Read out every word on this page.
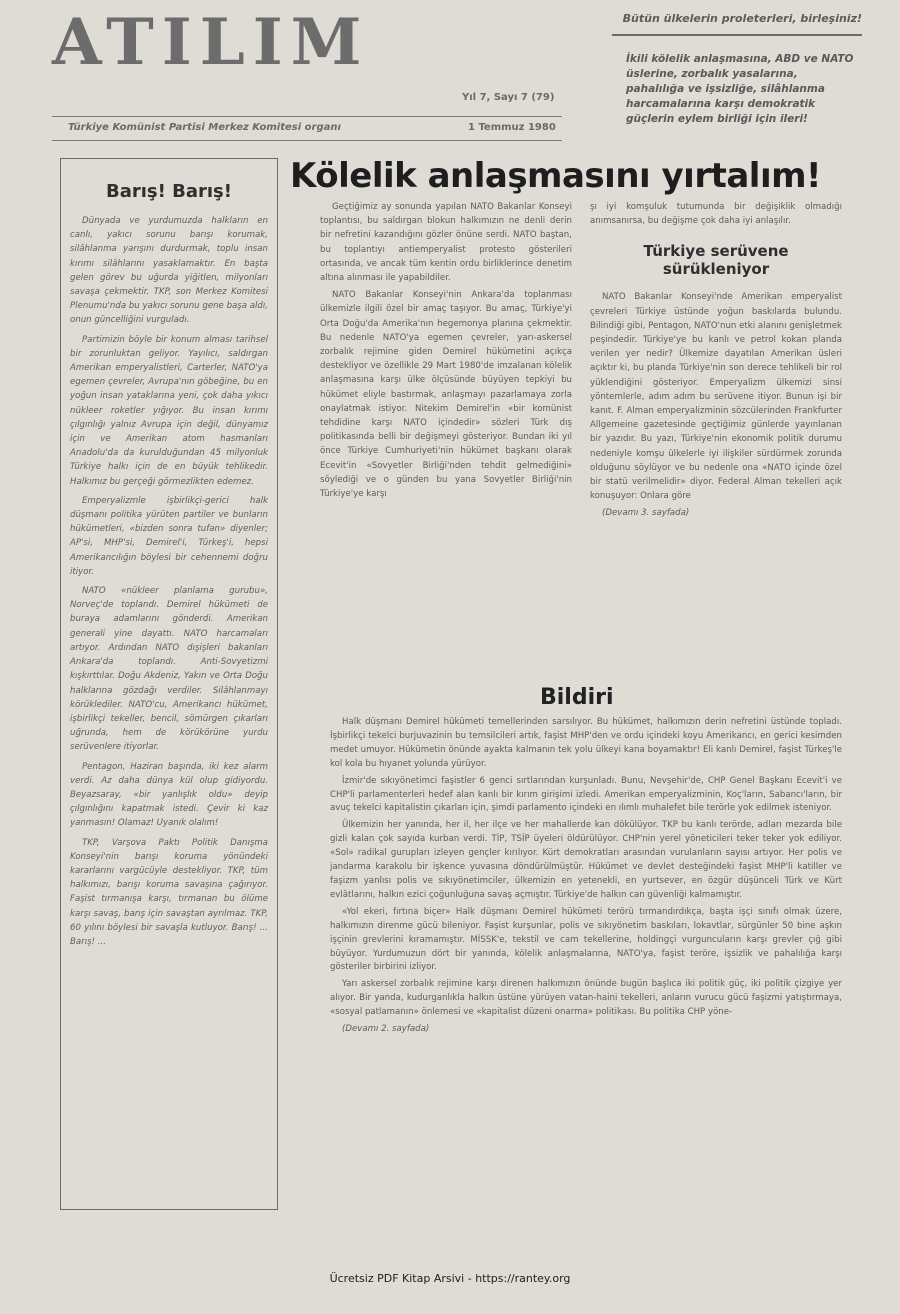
ATILIM	Bütün ülkelerin proleterleri, birleşiniz!
İkili kölelik anlaşmasına, ABD ve NATO üslerine, zorbalık yasalarına, pahalılığa ve işsizliğe, silâhlanma harcamalarına karşı demokratik güçlerin eylem birliği için ileri!
Yıl 7, Sayı 7 (79)
Türkiye Komünist Partisi Merkez Komitesi organı	1 Temmuz 1980
Barış! Barış!

Dünyada ve yurdumuzda halkların en canlı, yakıcı sorunu barışı korumak, silâhlanma yarışını durdurmak, toplu insan kırımı silâhlarını yasaklamaktır. En başta gelen görev bu uğurda yiğitlen, milyonları savaşa çekmektir. TKP, son Merkez Komitesi Plenumu'nda bu yakıcı sorunu gene başa aldı, onun güncelliğini vurguladı.

Partimizin böyle bir konum alması tarihsel bir zorunluktan geliyor. Yayılıcı, saldırgan Amerikan emperyalistleri, Carterler, NATO'ya egemen çevreler, Avrupa'nın göbeğine, bu en yoğun insan yataklarına yeni, çok daha yıkıcı nükleer roketler yığıyor. Bu insan kırımı çılgınlığı yalnız Avrupa için değil, dünyamız için ve Amerikan atom hasmanları Anadolu'da da kurulduğundan 45 milyonluk Türkiye halkı için de en büyük tehlikedir. Halkımız bu gerçeği görmezlikten edemez.

Emperyalizmle işbirlikçi-gerici halk düşmanı politika yürüten partiler ve bunların hükümetleri, «bizden sonra tufan» diyenler; AP'si, MHP'si, Demirel'i, Türkeş'i, hepsi Amerikancılığın böylesi bir cehennemi doğru itiyor.

NATO «nükleer planlama gurubu», Norveç'de toplandı. Demirel hükümeti de buraya adamlarını gönderdi. Amerikan generali yine dayattı. NATO harcamaları artıyor. Ardından NATO dışişleri bakanları Ankara'da toplandı. Anti-Sovyetizmi kışkırttılar. Doğu Akdeniz, Yakın ve Orta Doğu halklarına gözdağı verdiler. Silâhlanmayı körüklediler. NATO'cu, Amerikancı hükümet, işbirlikçi tekeller, bencil, sömürgen çıkarları uğrunda, hem de körükörüne yurdu serüvenlere itiyorlar.

Pentagon, Haziran başında, iki kez alarm verdi. Az daha dünya kül olup gidiyordu. Beyazsaray, «bir yanlışlık oldu» deyip çılgınlığını kapatmak istedi. Çevir ki kaz yanmasın! Olamaz! Uyanık olalım!

TKP, Varşova Paktı Politik Danışma Konseyi'nin barışı koruma yönündeki kararlarını vargücüyle destekliyor. TKP, tüm halkımızı, barışı koruma savaşına çağırıyor. Faşist tırmanışa karşı, tırmanan bu ölüme karşı savaş, barış için savaştan ayrılmaz. TKP, 60 yılını böylesi bir savaşla kutluyor. Barış! ... Barış! ...

Kölelik anlaşmasını yırtalım!

Geçtiğimiz ay sonunda yapılan NATO Bakanlar Konseyi toplantısı, bu saldırgan blokun halkımızın ne denli derin bir nefretini kazandığını gözler önüne serdi. NATO baştan, bu toplantıyı antiemperyalist protesto gösterileri ortasında, ve ancak tüm kentin ordu birliklerince denetim altına alınması ile yapabildiler.

NATO Bakanlar Konseyi'nin Ankara'da toplanması ülkemizle ilgili özel bir amaç taşıyor. Bu amaç, Türkiye'yi Orta Doğu'da Amerika'nın hegemonya planına çekmektir. Bu nedenle NATO'ya egemen çevreler, yarı-askersel zorbalık rejimine giden Demirel hükümetini açıkça destekliyor ve özellikle 29 Mart 1980'de imzalanan kölelik anlaşmasına karşı ülke ölçüsünde büyüyen tepkiyi bu hükümet eliyle bastırmak, anlaşmayı pazarlamaya zorla onaylatmak istiyor. Nitekim Demirel'in «bir komünist tehdidine karşı NATO içindedir» sözleri Türk dış politikasında belli bir değişmeyi gösteriyor. Bundan iki yıl önce Türkiye Cumhuriyeti'nin hükümet başkanı olarak Ecevit'in «Sovyetler Birliği'nden tehdit gelmediğini» söylediği ve o günden bu yana Sovyetler Birliği'nin Türkiye'ye karşı

şı iyi komşuluk tutumunda bir değişiklik olmadığı anımsanırsa, bu değişme çok daha iyi anlaşılır.

Türkiye serüvene sürükleniyor

NATO Bakanlar Konseyi'nde Amerikan emperyalist çevreleri Türkiye üstünde yoğun baskılarda bulundu. Bilindiği gibi, Pentagon, NATO'nun etki alanını genişletmek peşindedir. Türkiye'ye bu kanlı ve petrol kokan planda verilen yer nedir? Ülkemize dayatılan Amerikan üsleri açıktır ki, bu planda Türkiye'nin son derece tehlikeli bir rol yüklendiğini gösteriyor. Emperyalizm ülkemizi sinsi yöntemlerle, adım adım bu serüvene itiyor. Bunun işi bir kanıt. F. Alman emperyalizminin sözcülerinden Frankfurter Allgemeine gazetesinde geçtiğimiz günlerde yayınlanan bir yazıdır. Bu yazı, Türkiye'nin ekonomik politik durumu nedeniyle komşu ülkelerle iyi ilişkiler sürdürmek zorunda olduğunu söylüyor ve bu nedenle ona «NATO içinde özel bir statü verilmelidir» diyor. Federal Alman tekelleri açık konuşuyor: Onlara göre

(Devamı 3. sayfada)

Bildiri

Halk düşmanı Demirel hükümeti temellerinden sarsılıyor. Bu hükümet, halkımızın derin nefretini üstünde topladı. İşbirlikçi tekelci burjuvazinin bu temsilcileri artık, faşist MHP'den ve ordu içindeki koyu Amerikancı, en gerici kesimden medet umuyor. Hükümetin önünde ayakta kalmanın tek yolu ülkeyi kana boyamaktır! Eli kanlı Demirel, faşist Türkeş'le kol kola bu hıyanet yolunda yürüyor.

İzmir'de sıkıyönetimci faşistler 6 genci sırtlarından kurşunladı. Bunu, Nevşehir'de, CHP Genel Başkanı Ecevit'i ve CHP'li parlamenterleri hedef alan kanlı bir kırım girişimi izledi. Amerikan emperyalizminin, Koç'ların, Sabancı'ların, bir avuç tekelci kapitalistin çıkarları için, şimdi parlamento içindeki en ılımlı muhalefet bile terörle yok edilmek isteniyor.

Ülkemizin her yanında, her il, her ilçe ve her mahallerde kan dökülüyor. TKP bu kanlı terörde, adları mezarda bile gizli kalan çok sayıda kurban verdi. TİP, TSİP üyeleri öldürülüyor. CHP'nin yerel yöneticileri teker teker yok ediliyor. «Sol» radikal gurupları izleyen gençler kırılıyor. Kürt demokratları arasından vurulanların sayısı artıyor. Her polis ve jandarma karakolu bir işkence yuvasına döndürülmüştür. Hükümet ve devlet desteğindeki faşist MHP'li katiller ve faşizm yanlısı polis ve sıkıyönetimciler, ülkemizin en yetenekli, en yurtsever, en özgür düşünceli Türk ve Kürt evlâtlarını, halkın ezici çoğunluğuna savaş açmıştır. Türkiye'de halkın can güvenliği kalmamıştır.

«Yol ekeri, fırtına biçer» Halk düşmanı Demirel hükümeti terörü tırmandırdıkça, başta işçi sınıfı olmak üzere, halkımızın direnme gücü bileniyor. Faşist kurşunlar, polis ve sıkıyönetim baskıları, lokavtlar, sürgünler 50 bine aşkın işçinin grevlerini kıramamıştır. MİSSK'e, tekstil ve cam tekellerine, holdingçi vurguncuların karşı grevler çığ gibi büyüyor. Yurdumuzun dört bir yanında, kölelik anlaşmalarına, NATO'ya, faşist teröre, işsizlik ve pahalılığa karşı gösteriler birbirini izliyor.

Yarı askersel zorbalık rejimine karşı direnen halkımızın önünde bugün başlıca iki politik güç, iki politik çizgiye yer alıyor. Bir yanda, kudurganlıkla halkın üstüne yürüyen vatan-haini tekelleri, anların vurucu gücü faşizmi yatıştırmaya, «sosyal patlamanın» önlemesi ve «kapitalist düzeni onarma» politikası. Bu politika CHP yöne-

(Devamı 2. sayfada)

Ücretsiz PDF Kitap Arsivi - https://rantey.org
